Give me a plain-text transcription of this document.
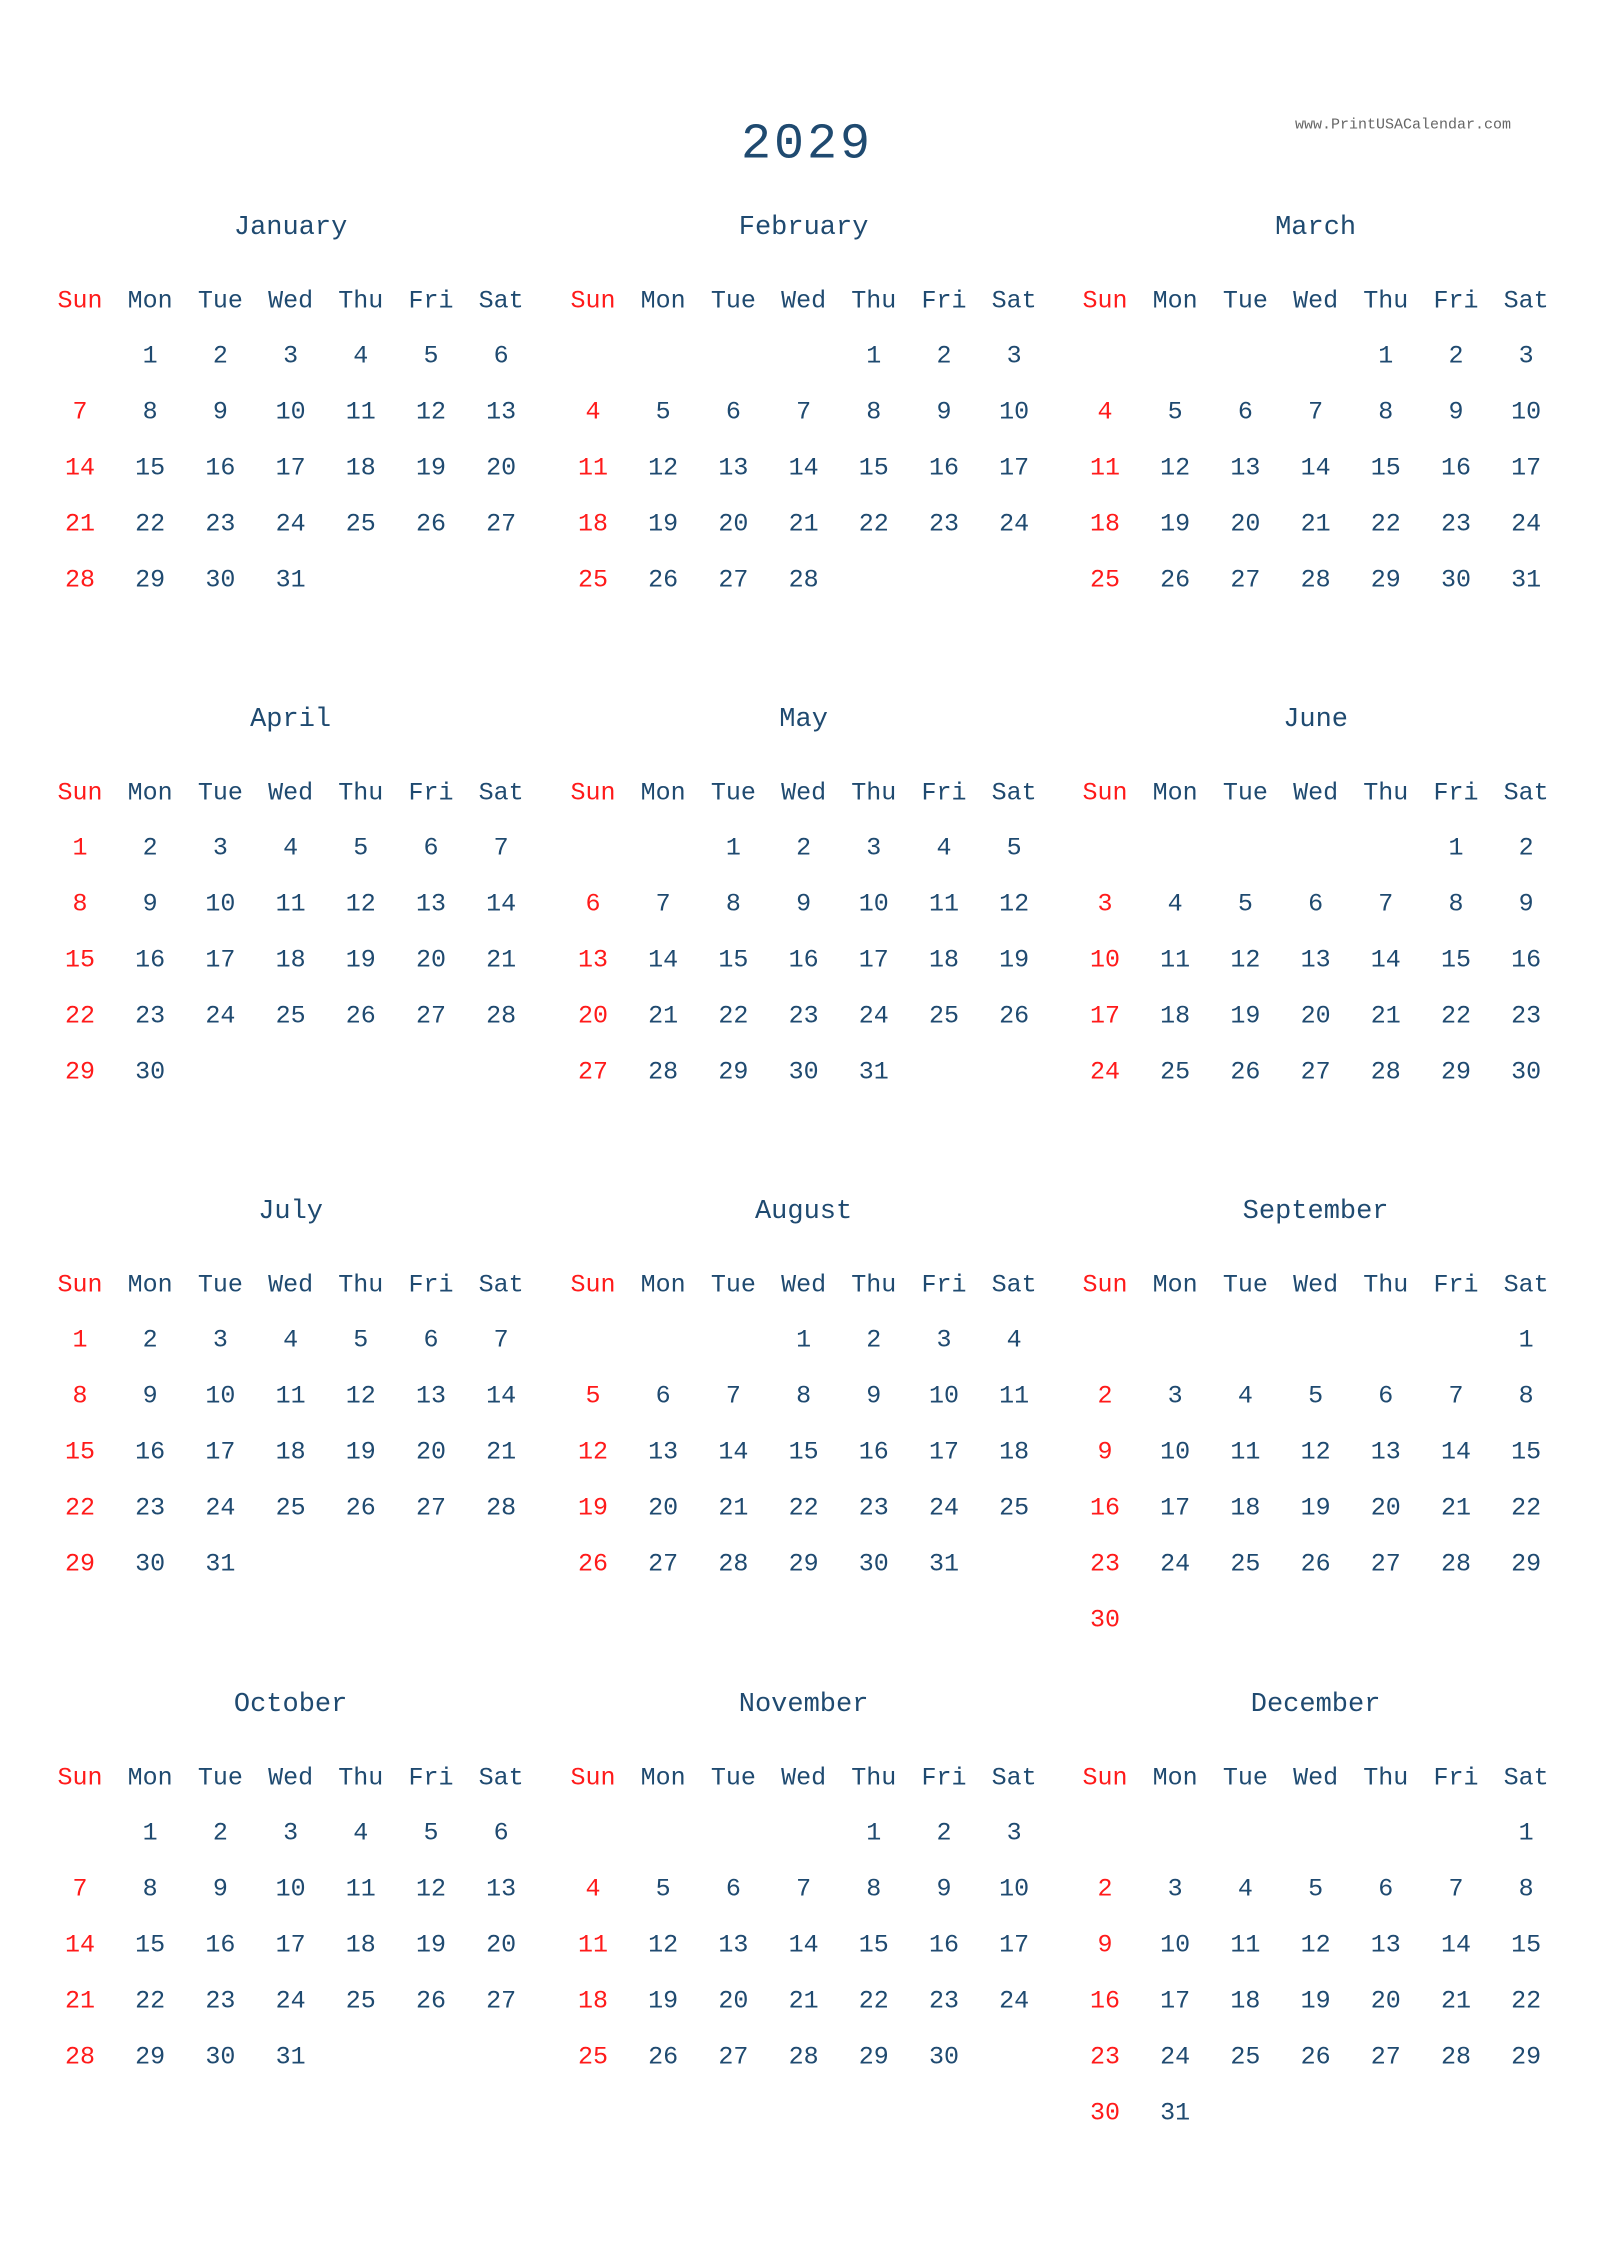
2029	www.PrintUSACalendar.com
January
Sun Mon Tue Wed Thu Fri Sat
1 2 3 4 5 6
7 8 9 10 11 12 13
14 15 16 17 18 19 20
21 22 23 24 25 26 27
28 29 30 31
February
Sun Mon Tue Wed Thu Fri Sat
1 2 3
4 5 6 7 8 9 10
11 12 13 14 15 16 17
18 19 20 21 22 23 24
25 26 27 28
March
Sun Mon Tue Wed Thu Fri Sat
1 2 3
4 5 6 7 8 9 10
11 12 13 14 15 16 17
18 19 20 21 22 23 24
25 26 27 28 29 30 31
April
Sun Mon Tue Wed Thu Fri Sat
1 2 3 4 5 6 7
8 9 10 11 12 13 14
15 16 17 18 19 20 21
22 23 24 25 26 27 28
29 30
May
Sun Mon Tue Wed Thu Fri Sat
1 2 3 4 5
6 7 8 9 10 11 12
13 14 15 16 17 18 19
20 21 22 23 24 25 26
27 28 29 30 31
June
Sun Mon Tue Wed Thu Fri Sat
1 2
3 4 5 6 7 8 9
10 11 12 13 14 15 16
17 18 19 20 21 22 23
24 25 26 27 28 29 30
July
Sun Mon Tue Wed Thu Fri Sat
1 2 3 4 5 6 7
8 9 10 11 12 13 14
15 16 17 18 19 20 21
22 23 24 25 26 27 28
29 30 31
August
Sun Mon Tue Wed Thu Fri Sat
1 2 3 4
5 6 7 8 9 10 11
12 13 14 15 16 17 18
19 20 21 22 23 24 25
26 27 28 29 30 31
September
Sun Mon Tue Wed Thu Fri Sat
1
2 3 4 5 6 7 8
9 10 11 12 13 14 15
16 17 18 19 20 21 22
23 24 25 26 27 28 29
30
October
Sun Mon Tue Wed Thu Fri Sat
1 2 3 4 5 6
7 8 9 10 11 12 13
14 15 16 17 18 19 20
21 22 23 24 25 26 27
28 29 30 31
November
Sun Mon Tue Wed Thu Fri Sat
1 2 3
4 5 6 7 8 9 10
11 12 13 14 15 16 17
18 19 20 21 22 23 24
25 26 27 28 29 30
December
Sun Mon Tue Wed Thu Fri Sat
1
2 3 4 5 6 7 8
9 10 11 12 13 14 15
16 17 18 19 20 21 22
23 24 25 26 27 28 29
30 31
